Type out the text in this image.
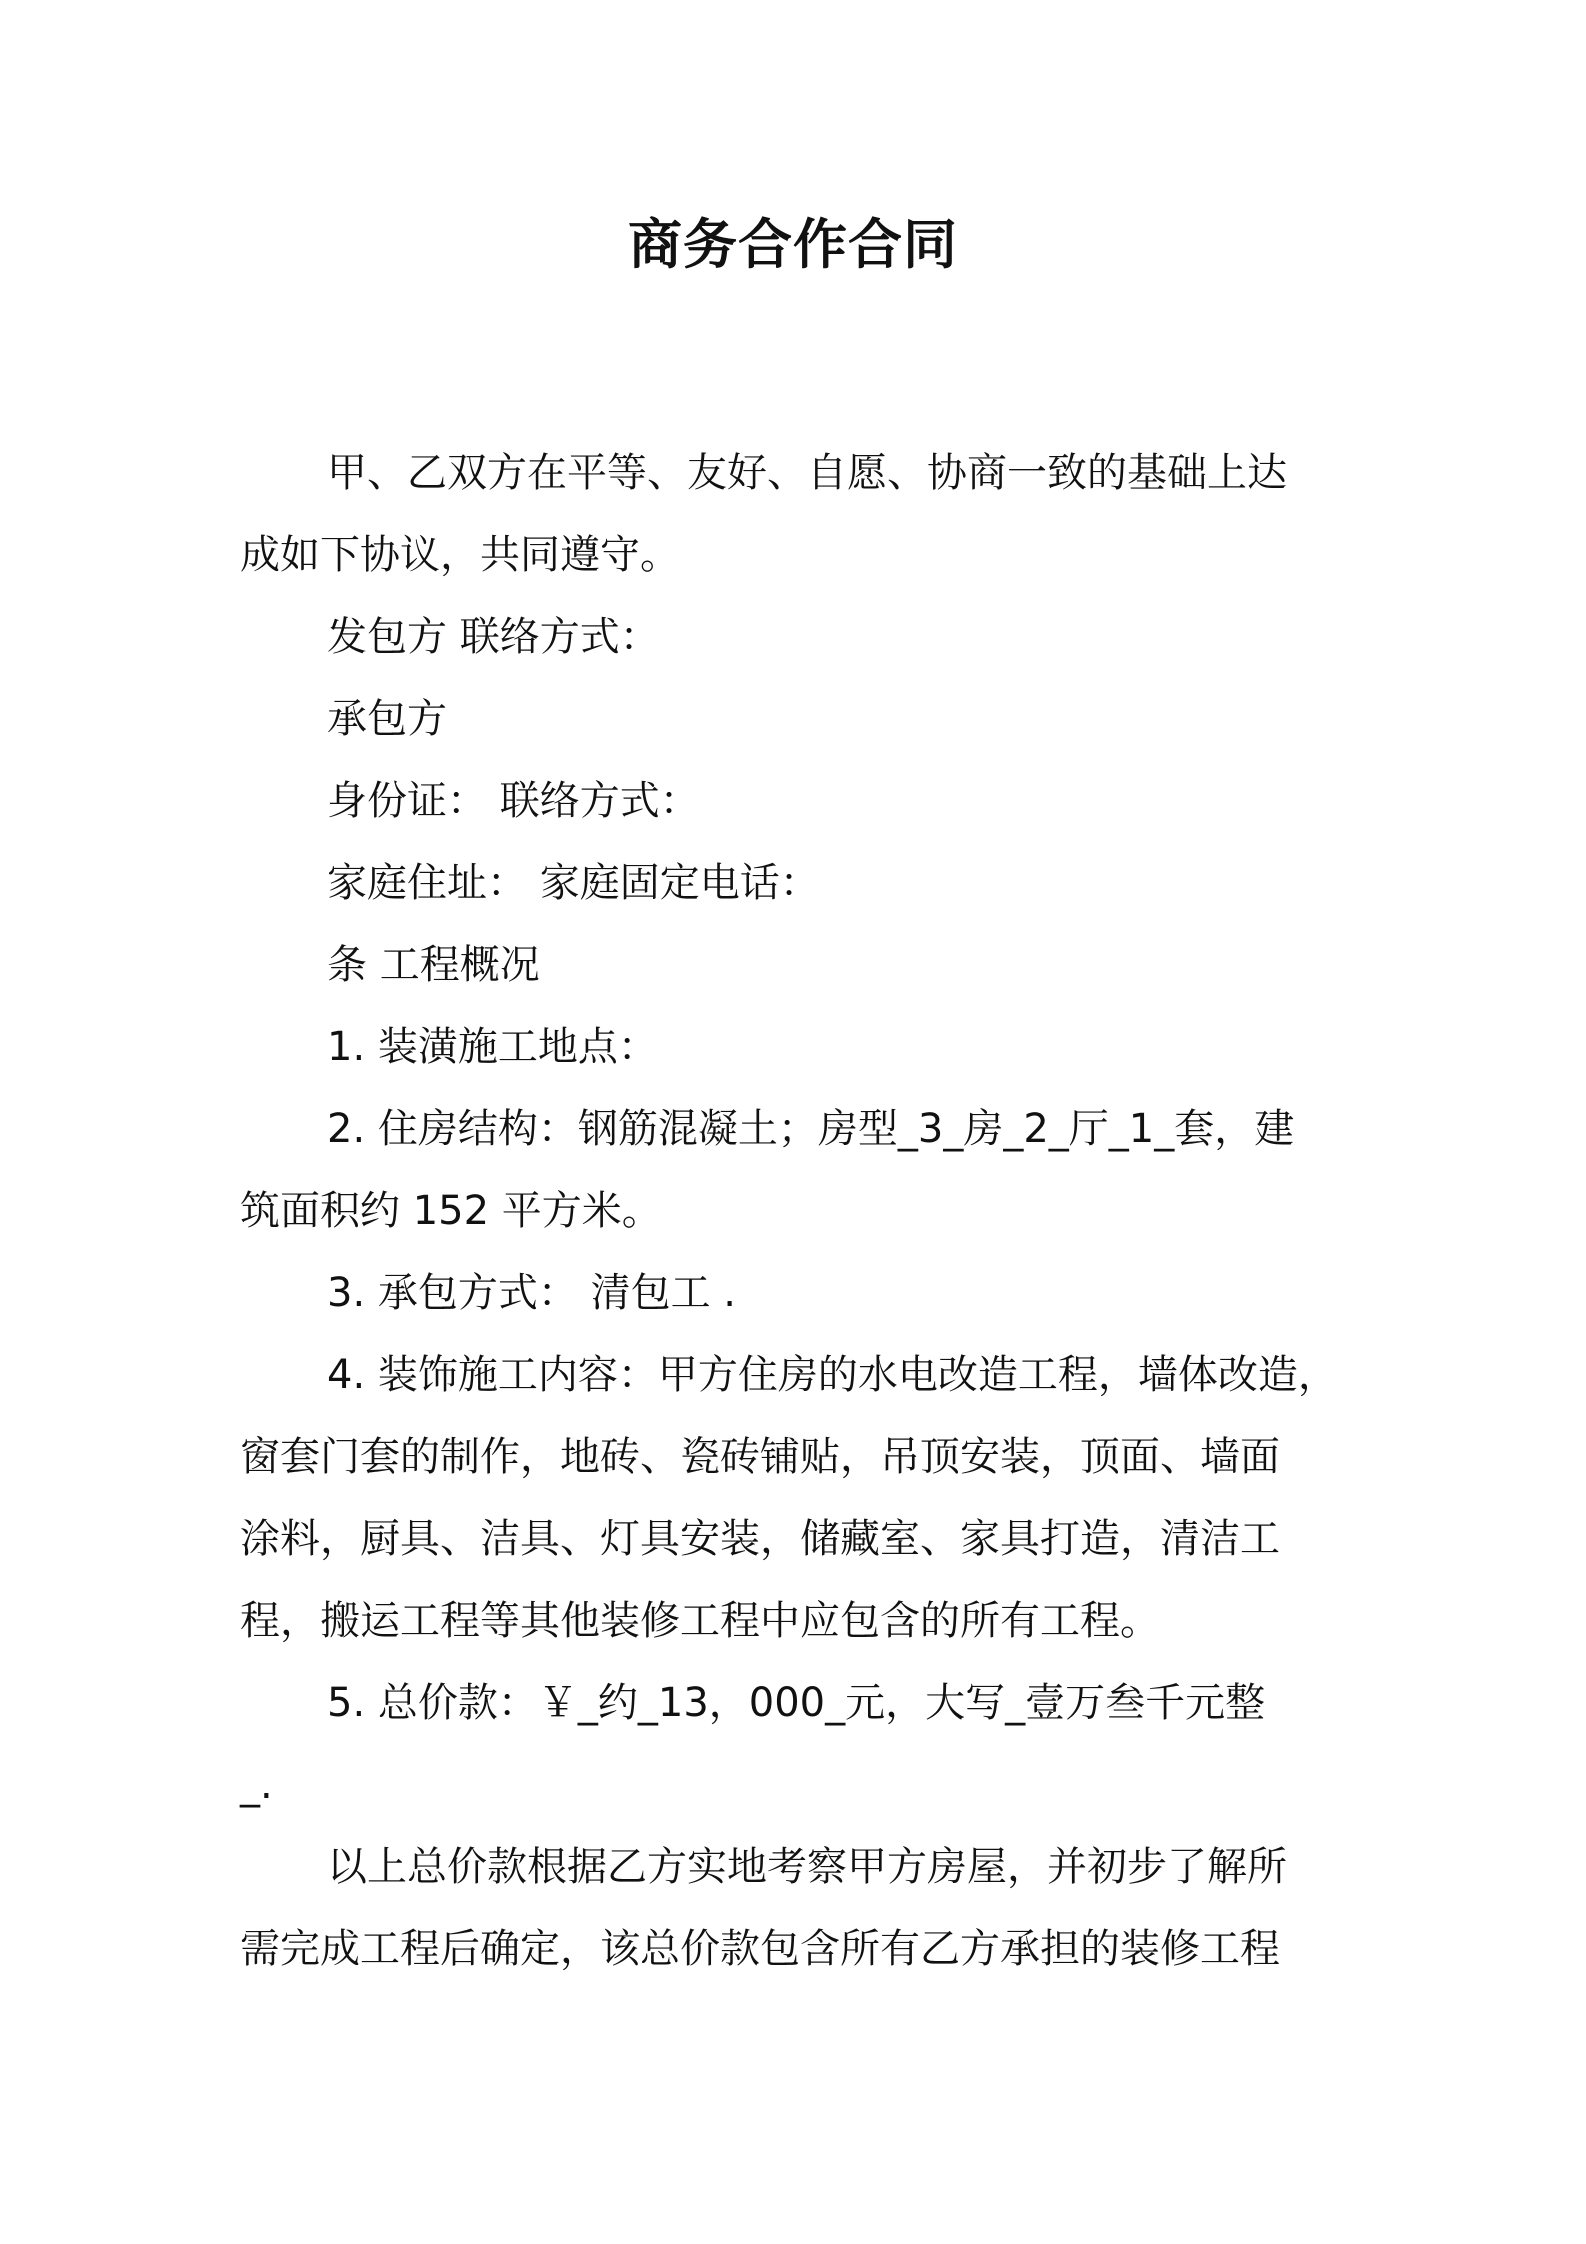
商务合作合同

甲、乙双方在平等、友好、自愿、协商一致的基础上达

成如下协议，共同遵守。

发包方 联络方式：

承包方

身份证： 联络方式：

家庭住址： 家庭固定电话：

条 工程概况

1. 装潢施工地点：

2. 住房结构：钢筋混凝土；房型_3_房_2_厅_1_套，建

筑面积约 152 平方米。

3. 承包方式： 清包工 .

4. 装饰施工内容：甲方住房的水电改造工程，墙体改造，

窗套门套的制作，地砖、瓷砖铺贴，吊顶安装，顶面、墙面

涂料，厨具、洁具、灯具安装，储藏室、家具打造，清洁工

程，搬运工程等其他装修工程中应包含的所有工程。

5. 总价款：￥_约_13，000_元，大写_壹万叁千元整

_.

以上总价款根据乙方实地考察甲方房屋，并初步了解所

需完成工程后确定，该总价款包含所有乙方承担的装修工程
